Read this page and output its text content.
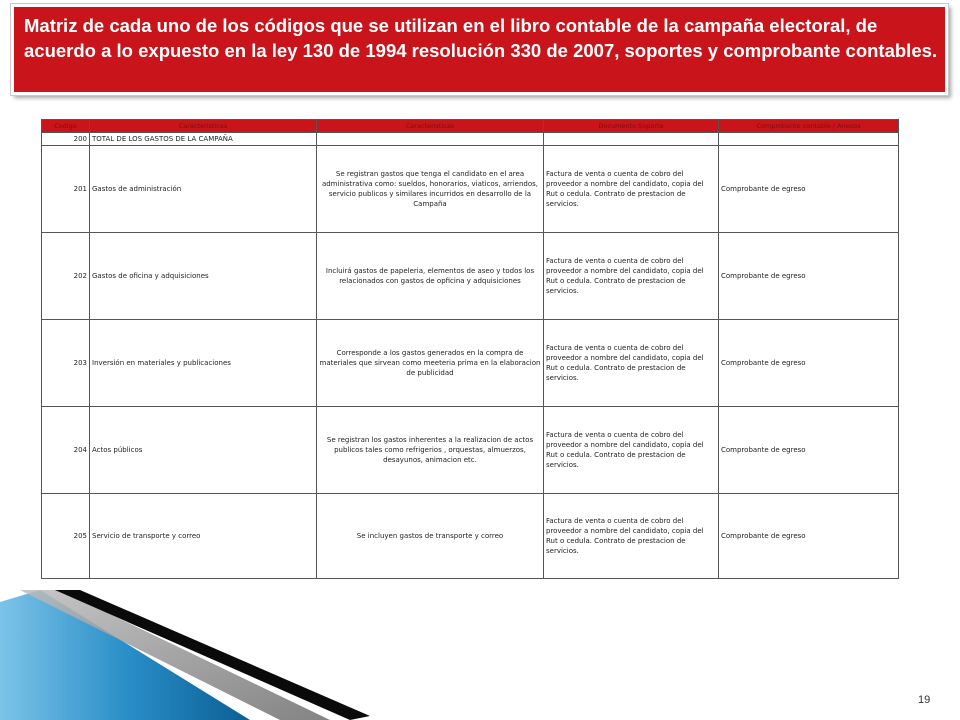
Matriz de cada uno de los códigos que se utilizan en el libro contable de la campaña electoral, de acuerdo a lo expuesto en la ley 130 de 1994 resolución 330 de 2007, soportes y comprobante contables.
Codigo	Caracteristicas	Caracteristicas	Documento Soporte	Comprobante contable / Anexos
200	TOTAL DE LOS GASTOS DE LA CAMPAÑA			
201	Gastos de administración	Se registran gastos que tenga el candidato en el area administrativa como: sueldos, honorarios, viaticos, arriendos, servicio publicos y similares incurridos en desarrollo de la Campaña	Factura de venta o cuenta de cobro del proveedor a nombre del candidato, copia del Rut o cedula. Contrato de prestacion de servicios.	Comprobante de egreso
202	Gastos de oficina y adquisiciones	Incluirá gastos de papeleria, elementos de aseo y todos los relacionados con gastos de opficina y adquisiciones	Factura de venta o cuenta de cobro del proveedor a nombre del candidato, copia del Rut o cedula. Contrato de prestacion de servicios.	Comprobante de egreso
203	Inversión en materiales y publicaciones	Corresponde a los gastos generados en la compra de materiales que sirvean como meeteria prima en la elaboracion de publicidad	Factura de venta o cuenta de cobro del proveedor a nombre del candidato, copia del Rut o cedula. Contrato de prestacion de servicios.	Comprobante de egreso
204	Actos públicos	Se registran los gastos inherentes a la realizacion de actos publicos tales como refrigerios , orquestas, almuerzos, desayunos, animacion etc.	Factura de venta o cuenta de cobro del proveedor a nombre del candidato, copia del Rut o cedula. Contrato de prestacion de servicios.	Comprobante de egreso
205	Servicio de transporte y correo	Se incluyen gastos de transporte y correo	Factura de venta o cuenta de cobro del proveedor a nombre del candidato, copia del Rut o cedula. Contrato de prestacion de servicios.	Comprobante de egreso
19
